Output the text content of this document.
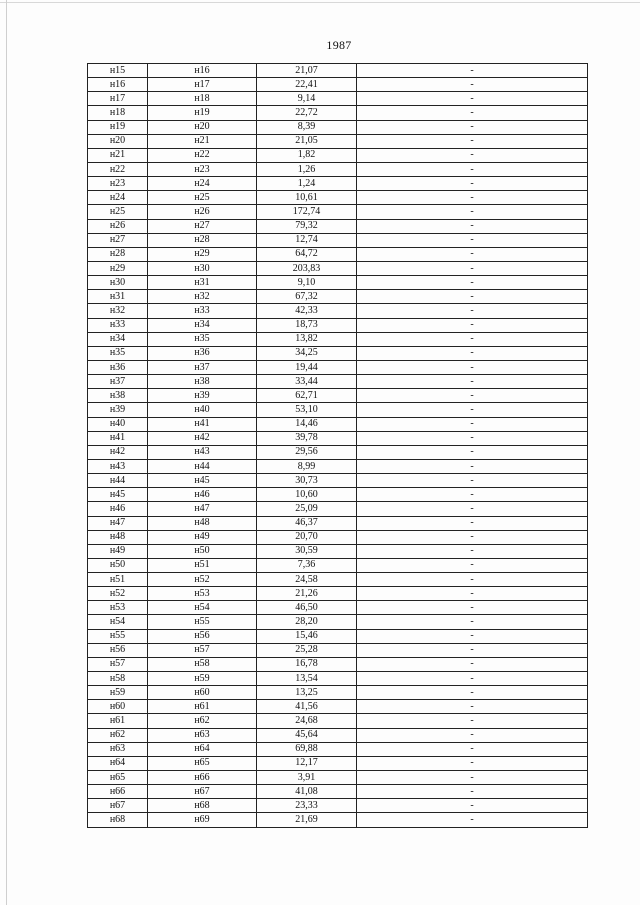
1987
н15	н16	21,07	-
н16	н17	22,41	-
н17	н18	9,14	-
н18	н19	22,72	-
н19	н20	8,39	-
н20	н21	21,05	-
н21	н22	1,82	-
н22	н23	1,26	-
н23	н24	1,24	-
н24	н25	10,61	-
н25	н26	172,74	-
н26	н27	79,32	-
н27	н28	12,74	-
н28	н29	64,72	-
н29	н30	203,83	-
н30	н31	9,10	-
н31	н32	67,32	-
н32	н33	42,33	-
н33	н34	18,73	-
н34	н35	13,82	-
н35	н36	34,25	-
н36	н37	19,44	-
н37	н38	33,44	-
н38	н39	62,71	-
н39	н40	53,10	-
н40	н41	14,46	-
н41	н42	39,78	-
н42	н43	29,56	-
н43	н44	8,99	-
н44	н45	30,73	-
н45	н46	10,60	-
н46	н47	25,09	-
н47	н48	46,37	-
н48	н49	20,70	-
н49	н50	30,59	-
н50	н51	7,36	-
н51	н52	24,58	-
н52	н53	21,26	-
н53	н54	46,50	-
н54	н55	28,20	-
н55	н56	15,46	-
н56	н57	25,28	-
н57	н58	16,78	-
н58	н59	13,54	-
н59	н60	13,25	-
н60	н61	41,56	-
н61	н62	24,68	-
н62	н63	45,64	-
н63	н64	69,88	-
н64	н65	12,17	-
н65	н66	3,91	-
н66	н67	41,08	-
н67	н68	23,33	-
н68	н69	21,69	-
